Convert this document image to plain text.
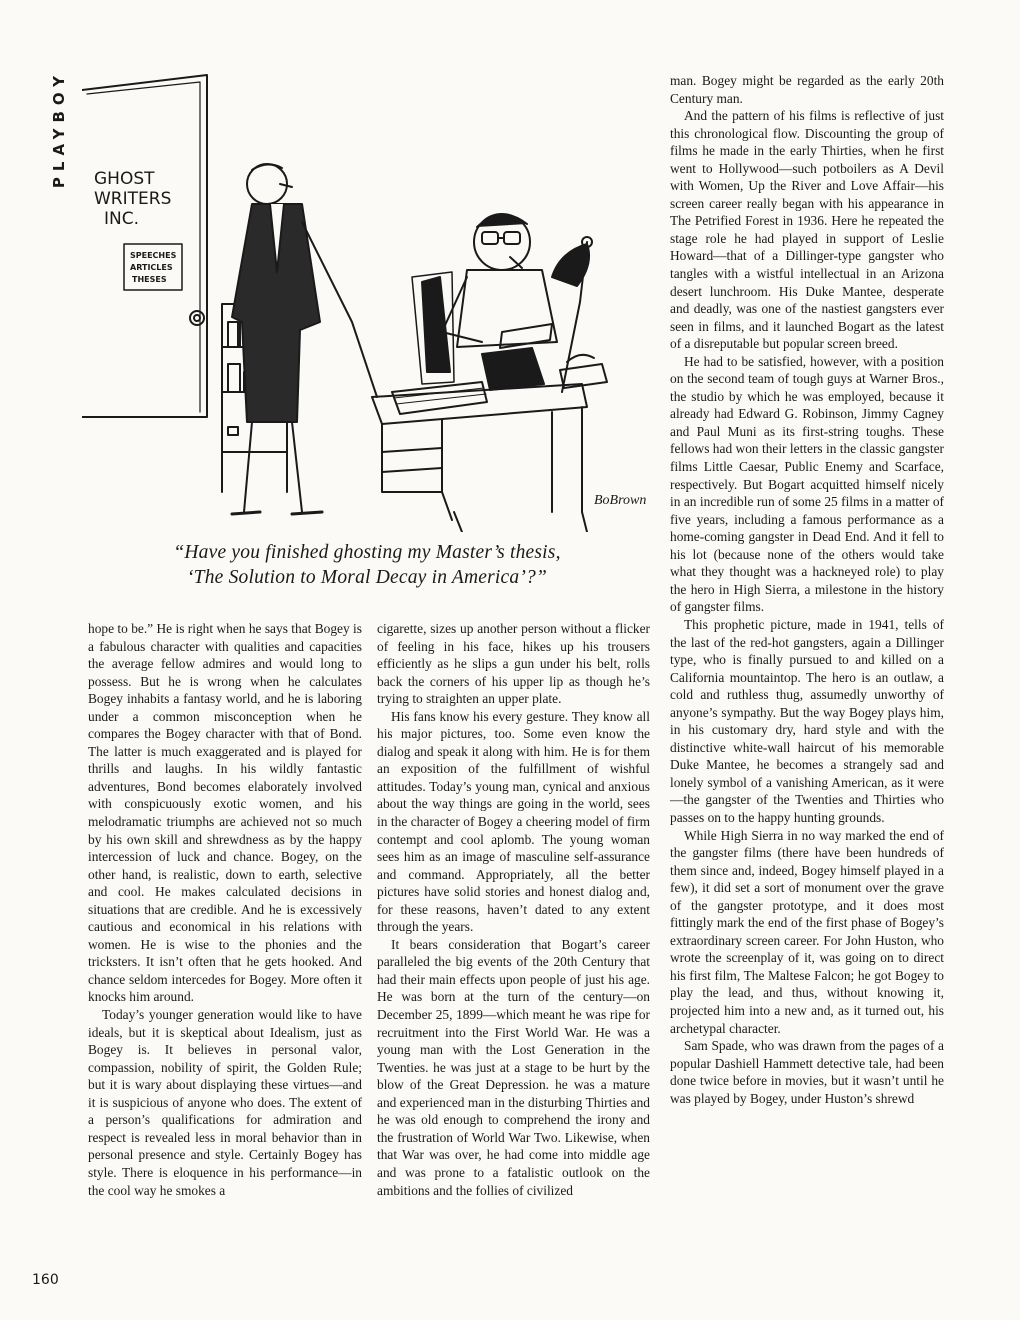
PLAYBOY GHOST
WRITERS
INC.
SPEECHES
ARTICLES
THESES
BoBrown
“Have you finished ghosting my Master’s thesis,
‘The Solution to Moral Decay in America’?”

hope to be.” He is right when he says that Bogey is a fabulous character with qualities and capacities the average fellow admires and would long to possess. But he is wrong when he calculates Bogey inhabits a fantasy world, and he is laboring under a common misconception when he compares the Bogey character with that of Bond. The latter is much exaggerated and is played for thrills and laughs. In his wildly fantastic adventures, Bond becomes elaborately involved with conspicuously exotic women, and his melodramatic triumphs are achieved not so much by his own skill and shrewdness as by the happy intercession of luck and chance. Bogey, on the other hand, is realistic, down to earth, selective and cool. He makes calculated decisions in situations that are credible. And he is excessively cautious and economical in his relations with women. He is wise to the phonies and the tricksters. It isn’t often that he gets hooked. And chance seldom intercedes for Bogey. More often it knocks him around.

Today’s younger generation would like to have ideals, but it is skeptical about Idealism, just as Bogey is. It believes in personal valor, compassion, nobility of spirit, the Golden Rule; but it is wary about displaying these virtues—and it is suspicious of anyone who does. The extent of a person’s qualifications for admiration and respect is revealed less in moral behavior than in personal presence and style. Certainly Bogey has style. There is eloquence in his performance—in the cool way he smokes a

cigarette, sizes up another person without a flicker of feeling in his face, hikes up his trousers efficiently as he slips a gun under his belt, rolls back the corners of his upper lip as though he’s trying to straighten an upper plate.

His fans know his every gesture. They know all his major pictures, too. Some even know the dialog and speak it along with him. He is for them an exposition of the fulfillment of wishful attitudes. Today’s young man, cynical and anxious about the way things are going in the world, sees in the character of Bogey a cheering model of firm contempt and cool aplomb. The young woman sees him as an image of masculine self-assurance and command. Appropriately, all the better pictures have solid stories and honest dialog and, for these reasons, haven’t dated to any extent through the years.

It bears consideration that Bogart’s career paralleled the big events of the 20th Century that had their main effects upon people of just his age. He was born at the turn of the century—on December 25, 1899—which meant he was ripe for recruitment into the First World War. He was a young man with the Lost Generation in the Twenties. he was just at a stage to be hurt by the blow of the Great Depression. he was a mature and experienced man in the disturbing Thirties and he was old enough to comprehend the irony and the frustration of World War Two. Likewise, when that War was over, he had come into middle age and was prone to a fatalistic outlook on the ambitions and the follies of civilized

man. Bogey might be regarded as the early 20th Century man.

And the pattern of his films is reflective of just this chronological flow. Discounting the group of films he made in the early Thirties, when he first went to Hollywood—such potboilers as A Devil with Women, Up the River and Love Affair—his screen career really began with his appearance in The Petrified Forest in 1936. Here he repeated the stage role he had played in support of Leslie Howard—that of a Dillinger-type gangster who tangles with a wistful intellectual in an Arizona desert lunchroom. His Duke Mantee, desperate and deadly, was one of the nastiest gangsters ever seen in films, and it launched Bogart as the latest of a disreputable but popular screen breed.

He had to be satisfied, however, with a position on the second team of tough guys at Warner Bros., the studio by which he was employed, because it already had Edward G. Robinson, Jimmy Cagney and Paul Muni as its first-string toughs. These fellows had won their letters in the classic gangster films Little Caesar, Public Enemy and Scarface, respectively. But Bogart acquitted himself nicely in an incredible run of some 25 films in a matter of five years, including a famous performance as a home-coming gangster in Dead End. And it fell to his lot (because none of the others would take what they thought was a hackneyed role) to play the hero in High Sierra, a milestone in the history of gangster films.

This prophetic picture, made in 1941, tells of the last of the red-hot gangsters, again a Dillinger type, who is finally pursued to and killed on a California mountaintop. The hero is an outlaw, a cold and ruthless thug, assumedly unworthy of anyone’s sympathy. But the way Bogey plays him, in his customary dry, hard style and with the distinctive white-wall haircut of his memorable Duke Mantee, he becomes a strangely sad and lonely symbol of a vanishing American, as it were—the gangster of the Twenties and Thirties who passes on to the happy hunting grounds.

While High Sierra in no way marked the end of the gangster films (there have been hundreds of them since and, indeed, Bogey himself played in a few), it did set a sort of monument over the grave of the gangster prototype, and it does most fittingly mark the end of the first phase of Bogey’s extraordinary screen career. For John Huston, who wrote the screenplay of it, was going on to direct his first film, The Maltese Falcon; he got Bogey to play the lead, and thus, without knowing it, projected him into a new and, as it turned out, his archetypal character.

Sam Spade, who was drawn from the pages of a popular Dashiell Hammett detective tale, had been done twice before in movies, but it wasn’t until he was played by Bogey, under Huston’s shrewd

160
